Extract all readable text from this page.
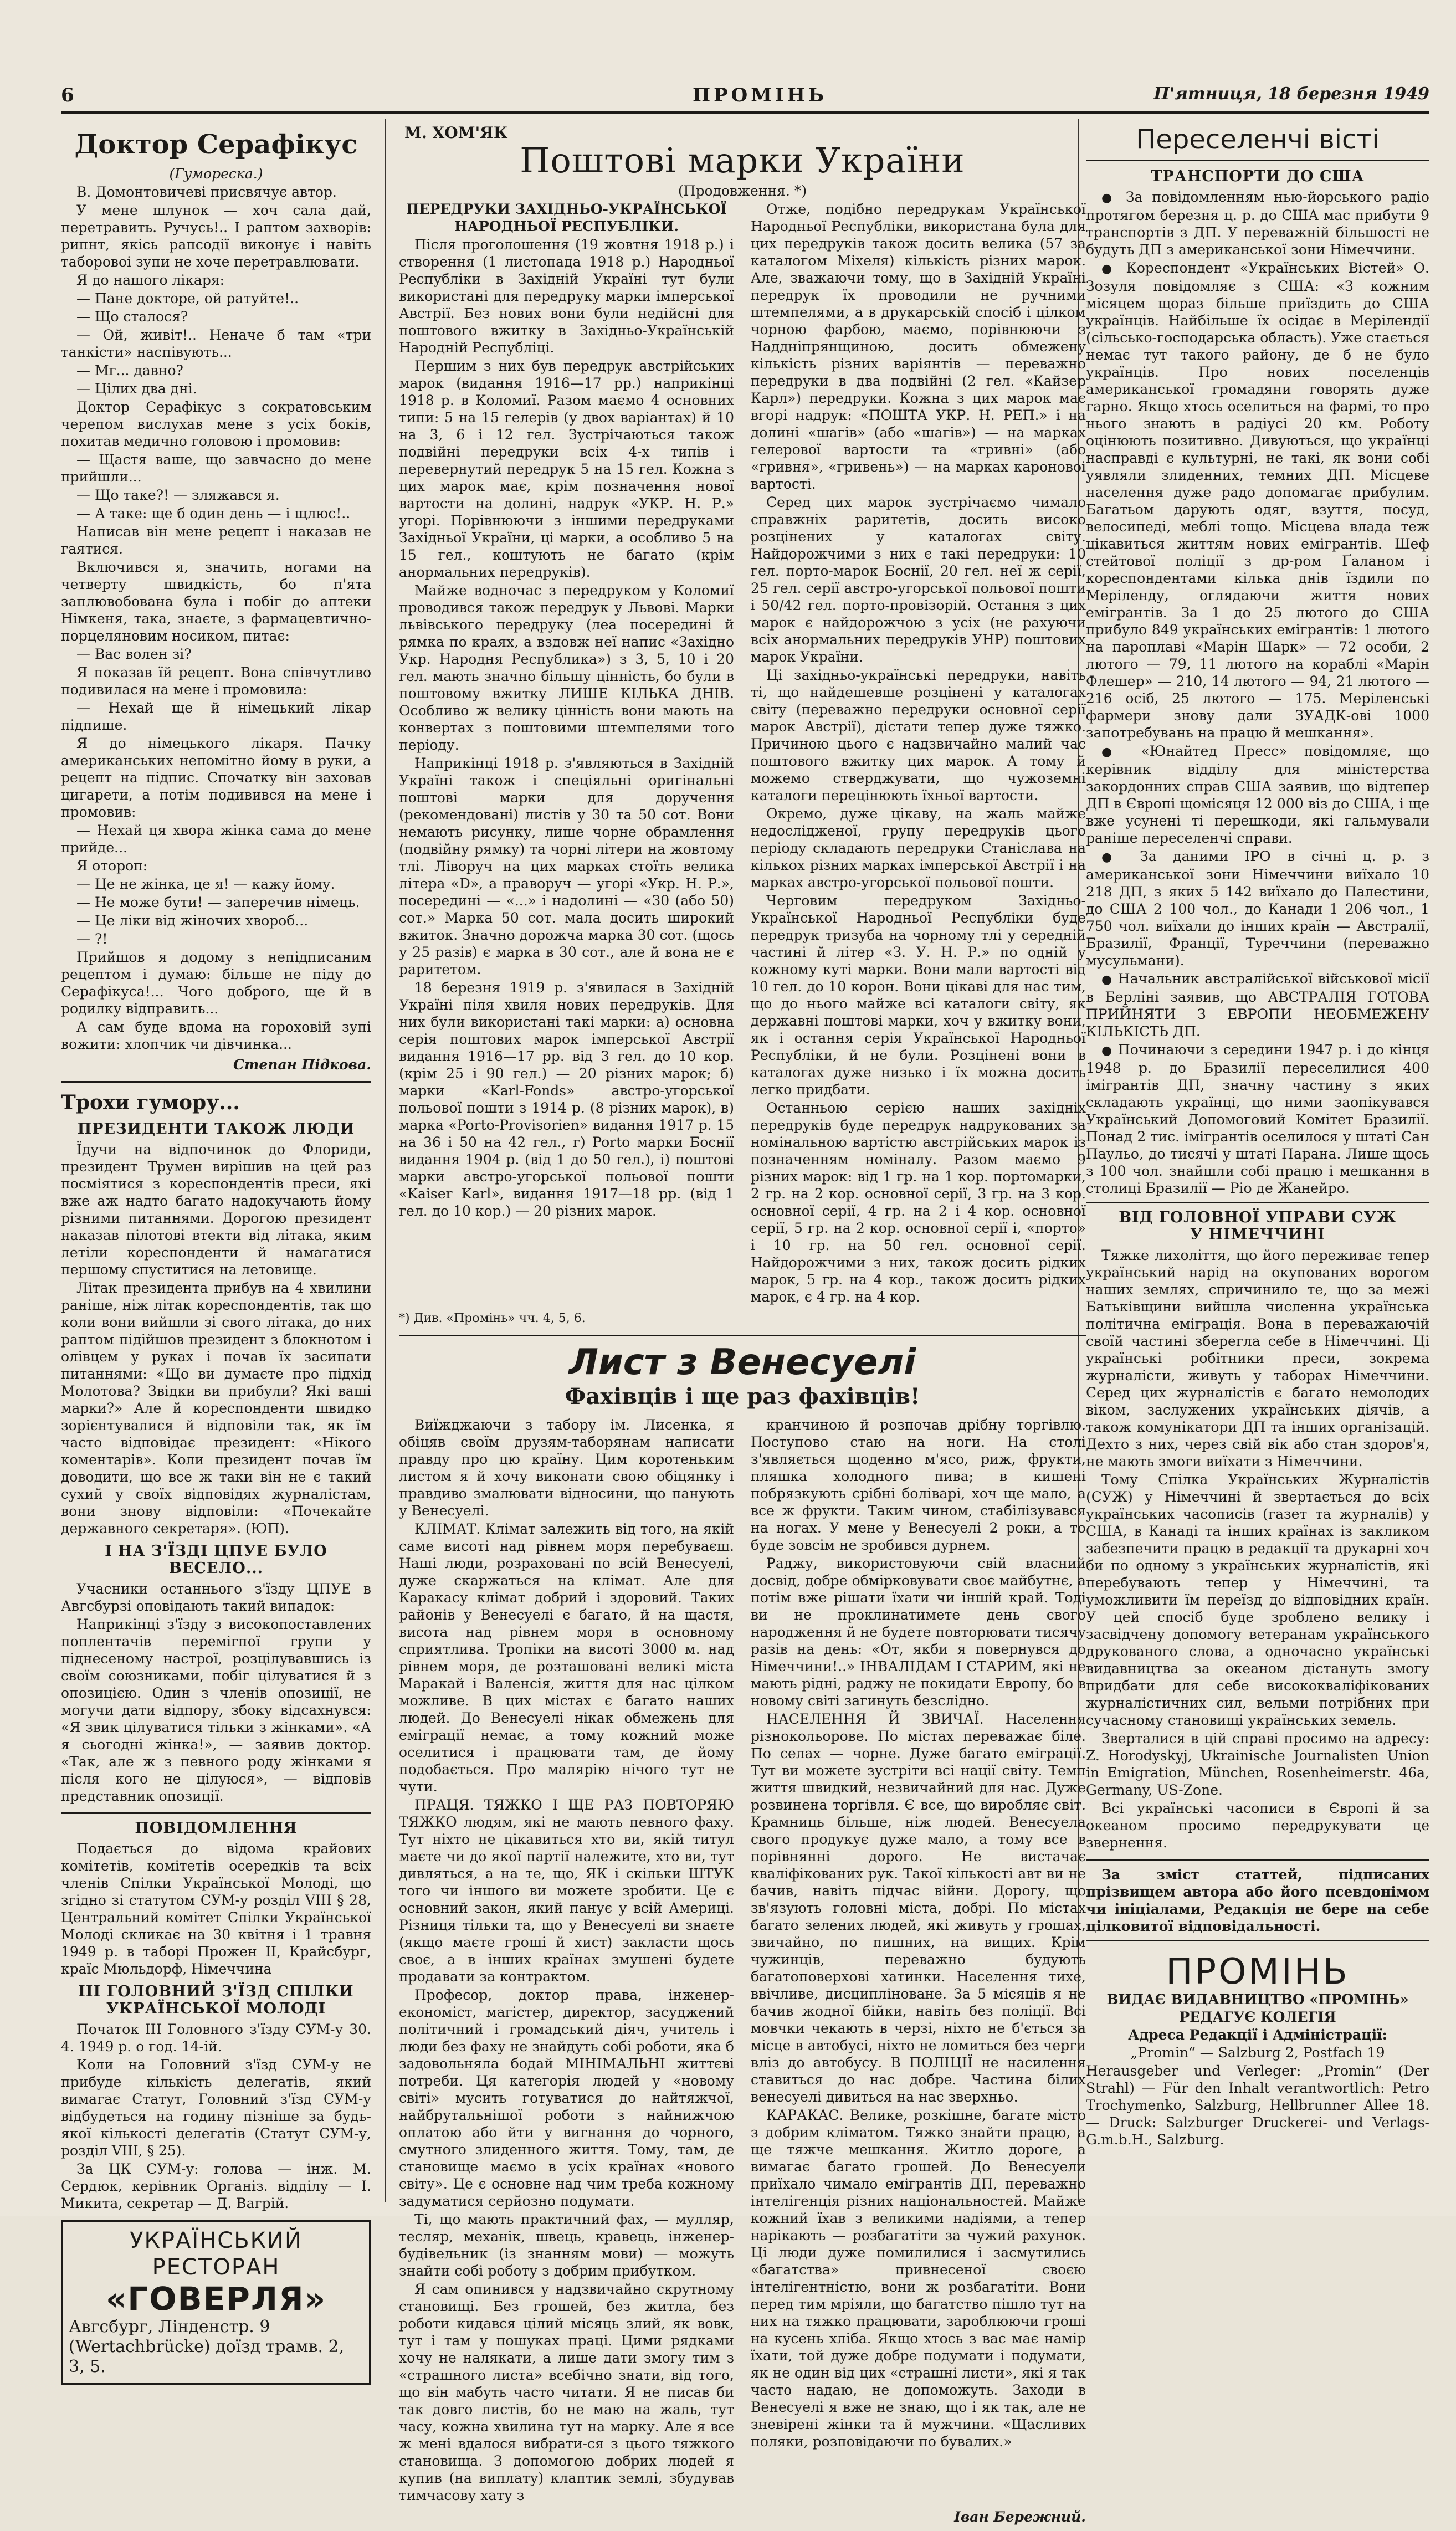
6	ПРОМІНЬ	П'ятниця, 18 березня 1949
Доктор Серафікус

(Гумореска.)

В. Домонтовичеві присвячує автор.

У мене шлунок — хоч сала дай, перетравить. Ручусь!.. І раптом захворів: рипнт, якісь рапсодії виконує і навіть таборовоі зупи не хоче перетравлювати.

Я до нашого лікаря:

— Пане докторе, ой ратуйте!..

— Що сталося?

— Ой, живіт!.. Неначе б там «три танкісти» наспівують...

— Мг... давно?

— Цілих два дні.

Доктор Серафікус з сократовським черепом вислухав мене з усіх боків, похитав медично головою і промовив:

— Щастя ваше, що завчасно до мене прийшли...

— Що таке?! — зляжався я.

— А таке: ще б один день — і щлюс!..

Написав він мене рецепт і наказав не гаятися.

Включився я, значить, ногами на четверту швидкість, бо п'ята заплювобована була і побіг до аптеки Німкеня, така, знаєте, з фармацевтично-порцеляновим носиком, питає:

— Вас волен зі?

Я показав їй рецепт. Вона співчутливо подивилася на мене і промовила:

— Нехай ще й німецький лікар підпише.

Я до німецького лікаря. Пачку американських непомітно йому в руки, а рецепт на підпис. Спочатку він заховав цигарети, а потім подивився на мене і промовив:

— Нехай ця хвора жінка сама до мене прийде...

Я отороп:

— Це не жінка, це я! — кажу йому.

— Не може бути! — заперечив німець.

— Це ліки від жіночих хвороб...

— ?!

Прийшов я додому з непідписаним рецептом і думаю: більше не піду до Серафікуса!... Чого доброго, ще й в родилку відправить...

А сам буде вдома на гороховій зупі вожити: хлопчик чи дівчинка...

Степан Підкова.
Трохи гумору...
ПРЕЗИДЕНТИ ТАКОЖ ЛЮДИ

Їдучи на відпочинок до Флориди, президент Трумен вирішив на цей раз посміятися з кореспондентів преси, які вже аж надто багато надокучають йому різними питаннями. Дорогою президент наказав пілотові втекти від літака, яким летіли кореспонденти й намагатися першому спуститися на летовище.

Літак президента прибув на 4 хвилини раніше, ніж літак кореспондентів, так що коли вони вийшли зі свого літака, до них раптом підійшов президент з блокнотом і олівцем у руках і почав їх засипати питаннями: «Що ви думаєте про підхід Молотова? Звідки ви прибули? Які ваші марки?» Але й кореспонденти швидко зорієнтувалися й відповіли так, як їм часто відповідає президент: «Нікого коментарів». Коли президент почав їм доводити, що все ж таки він не є такий сухий у своїх відповідях журналістам, вони знову відповіли: «Почекайте державного секретаря». (ЮП).

І НА З'ЇЗДІ ЦПУЕ БУЛО ВЕСЕЛО...

Учасники останнього з'їзду ЦПУЕ в Авгсбурзі оповідають такий випадок:

Наприкінці з'їзду з високопоставлених поплентачів перемігпої групи у піднесеному настрої, розцілувавшись із своїм союзниками, побіг цілуватися й з опозицією. Один з членів опозиції, не могучи дати відпору, збоку відсахнувся: «Я звик цілуватися тільки з жінками». «А я сьогодні жінка!», — заявив доктор. «Так, але ж з певного роду жінками я після кого не цілуюся», — відповів представник опозиції.

ПОВІДОМЛЕННЯ

Подається до відома крайових комітетів, комітетів осередків та всіх членів Спілки Української Молоді, що згідно зі статутом СУМ-у розділ VIII § 28, Центральний комітет Спілки Української Молоді скликає на 30 квітня і 1 травня 1949 р. в таборі Прожен II, Крайсбург, країс Мюльдорф, Німеччина

III ГОЛОВНИЙ З'ЇЗД СПІЛКИ УКРАЇНСЬКОЇ МОЛОДІ

Початок III Головного з'їзду СУМ-у 30. 4. 1949 р. о год. 14-ій.

Коли на Головний з'їзд СУМ-у не прибуде кількість делегатів, який вимагає Статут, Головний з'їзд СУМ-у відбудеться на годину пізніше за будь-якої кількості делегатів (Статут СУМ-у, розділ VIII, § 25).

За ЦК СУМ-у: голова — інж. М. Сердюк, керівник Організ. відділу — І. Микита, секретар — Д. Вагрій.

УКРАЇНСЬКИЙ РЕСТОРАН
«ГОВЕРЛЯ»
Авгсбург, Лінденстр. 9 (Wertachbrücke) доїзд трамв. 2, 3, 5.
М. ХОМ'ЯК
Поштові марки України

(Продовження. *)

ПЕРЕДРУКИ ЗАХІДНЬО-УКРАЇНСЬКОЇ НАРОДНЬОЇ РЕСПУБЛІКИ.

Після проголошення (19 жовтня 1918 р.) і створення (1 листопада 1918 р.) Народньої Республіки в Західній Україні тут були використані для передруку марки імперської Австрії. Без нових вони були недійсні для поштового вжитку в Західньо-Українській Народній Республіці.

Першим з них був передрук австрійських марок (видання 1916—17 рр.) наприкінці 1918 р. в Коломиї. Разом маємо 4 основних типи: 5 на 15 гелерів (у двох варіантах) й 10 на 3, 6 і 12 гел. Зустрічаються також подвійні передруки всіх 4-х типів і перевернутий передрук 5 на 15 гел. Кожна з цих марок має, крім позначення нової вартости на долині, надрук «УКР. Н. Р.» угорі. Порівнюючи з іншими передруками Західньої України, ці марки, а особливо 5 на 15 гел., коштують не багато (крім анормальних передруків).

Майже водночас з передруком у Коломиї проводився також передрук у Львові. Марки львівського передруку (леа посередині й рямка по краях, а вздовж неї напис «Західно Укр. Народня Республика») з 3, 5, 10 і 20 гел. мають значно більшу цінність, бо були в поштовому вжитку ЛИШЕ КІЛЬКА ДНІВ. Особливо ж велику цінність вони мають на конвертах з поштовими штемпелями того періоду.

Наприкінці 1918 р. з'являються в Західній Україні також і спеціяльні оригінальні поштові марки для доручення (рекомендовані) листів у 30 та 50 сот. Вони немають рисунку, лише чорне обрамлення (подвійну рямку) та чорні літери на жовтому тлі. Ліворуч на цих марках стоїть велика літера «D», а праворуч — угорі «Укр. Н. Р.», посередині — «...» і надолині — «30 (або 50) сот.» Марка 50 сот. мала досить широкий вжиток. Значно дорожча марка 30 сот. (щось у 25 разів) є марка в 30 сот., але й вона не є раритетом.

18 березня 1919 р. з'явилася в Західній Україні піля хвиля нових передруків. Для них були використані такі марки: а) основна серія поштових марок імперської Австрії видання 1916—17 рр. від 3 гел. до 10 кор. (крім 25 і 90 гел.) — 20 різних марок; б) марки «Karl-Fonds» австро-угорської польової пошти з 1914 р. (8 різних марок), в) марка «Porto-Provisorien» видання 1917 р. 15 на 36 і 50 на 42 гел., г) Porto марки Боснії видання 1904 р. (від 1 до 50 гел.), і) поштові марки австро-угорської польової пошти «Kaiser Karl», видання 1917—18 рр. (від 1 гел. до 10 кор.) — 20 різних марок.

Отже, подібно передрукам Української Народньої Республіки, використана була для цих передруків також досить велика (57 за каталогом Міхеля) кількість різних марок. Але, зважаючи тому, що в Західній Україні передрук їх проводили не ручними штемпелями, а в друкарській спосіб і цілком чорною фарбою, маємо, порівнюючи з Наддніпрянщиною, досить обмежену кількість різних варіянтів — переважно передруки в два подвійні (2 гел. «Кайзер Карл») передруки. Кожна з цих марок має вгорі надрук: «ПОШТА УКР. Н. РЕП.» і на долині «шагів» (або «шагів») — на марках гелерової вартости та «гривні» (або «гривня», «гривень») — на марках кароновоі вартості.

Серед цих марок зустрічаємо чимало справжніх раритетів, досить високо розцінених у каталогах світу. Найдорожчими з них є такі передруки: 10 гел. порто-марок Боснії, 20 гел. неї ж серії, 25 гел. серії австро-угорської польової пошти і 50/42 гел. порто-провізорій. Остання з цих марок є найдорожчою з усіх (не рахуючи всіх анормальних передруків УНР) поштових марок України.

Ці західньо-українські передруки, навіть ті, що найдешевше розцінені у каталогах світу (переважно передруки основної серії марок Австрії), дістати тепер дуже тяжко. Причиною цього є надзвичайно малий час поштового вжитку цих марок. А тому й можемо стверджувати, що чужоземні каталоги перецінюють їхньої вартости.

Окремо, дуже цікаву, на жаль майже недослідженої, групу передруків цього періоду складають передруки Станіслава на кількох різних марках імперської Австрії і на марках австро-угорської польової пошти.

Черговим передруком Західньо-Української Народньої Республіки буде передрук тризуба на чорному тлі у середній частині й літер «З. У. Н. Р.» по одній у кожному куті марки. Вони мали вартості від 10 гел. до 10 корон. Вони цікаві для нас тим, що до нього майже всі каталоги світу, як державні поштові марки, хоч у вжитку вони, як і остання серія Української Народньої Республіки, й не були. Розцінені вони в каталогах дуже низько і їх можна досить легко придбати.

Останньою серією наших західніх передруків буде передрук надрукованих за номінальною вартістю австрійських марок із позначенням номіналу. Разом маємо 9 різних марок: від 1 гр. на 1 кор. портомарки, 2 гр. на 2 кор. основної серії, 3 гр. на 3 кор. основної серії, 4 гр. на 2 і 4 кор. основної серії, 5 гр. на 2 кор. основної серії і, «порто» і 10 гр. на 50 гел. основної серії. Найдорожчими з них, також досить рідких марок, 5 гр. на 4 кор., також досить рідких марок, є 4 гр. на 4 кор.

*) Див. «Промінь» чч. 4, 5, 6.
Лист з Венесуелі
Фахівців і ще раз фахівців!

Виїжджаючи з табору ім. Лисенка, я обіцяв своїм друзям-таборянам написати правду про цю країну. Цим коротеньким листом я й хочу виконати свою обіцянку і правдиво змалювати відносини, що панують у Венесуелі.

КЛІМАТ. Клімат залежить від того, на якій саме висоті над рівнем моря перебуваєш. Наші люди, розраховані по всій Венесуелі, дуже скаржаться на клімат. Але для Каракасу клімат добрий і здоровий. Таких районів у Венесуелі є багато, й на щастя, висота над рівнем моря в основному сприятлива. Тропіки на висоті 3000 м. над рівнем моря, де розташовані великі міста Маракай і Валенсія, життя для нас цілком можливе. В цих містах є багато наших людей. До Венесуелі нікак обмежень для еміграції немає, а тому кожний може оселитися і працювати там, де йому подобається. Про малярію нічого тут не чути.

ПРАЦЯ. ТЯЖКО І ЩЕ РАЗ ПОВТОРЯЮ ТЯЖКО людям, які не мають певного фаху. Тут ніхто не цікавиться хто ви, якій титул маєте чи до якої партії належите, хто ви, тут дивляться, а на те, що, ЯК і скільки ШТУК того чи іншого ви можете зробити. Це є основний закон, який панує у всій Америці. Різниця тільки та, що у Венесуелі ви знаєте (якщо маєте гроші й хист) закласти щось своє, а в інших країнах змушені будете продавати за контрактом.

Професор, доктор права, інженер-економіст, магістер, директор, засуджений політичний і громадський діяч, учитель і люди без фаху не знайдуть собі роботи, яка б задовольняла бодай МІНІМАЛЬНІ життєві потреби. Ця категорія людей у «новому світі» мусить готуватися до найтяжчої, найбрутальнішої роботи з найнижчою оплатою або йти у вигнання до чорного, смутного злиденного життя. Тому, там, де становище маємо в усіх країнах «нового світу». Це є основне над чим треба кожному задуматися серйозно подумати.

Ті, що мають практичний фах, — мулляр, тесляр, механік, швець, кравець, інженер-будівельник (із знанням мови) — можуть знайти собі роботу з добрим прибутком.

Я сам опинився у надзвичайно скрутному становищі. Без грошей, без житла, без роботи кидався цілий місяць злий, як вовк, тут і там у пошуках праці. Цими рядками хочу не налякати, а лише дати змогу тим з «страшного листа» всебічно знати, від того, що він мабуть часто читати. Я не писав би так довго листів, бо не маю на жаль, тут часу, кожна хвилина тут на марку. Але я все ж мені вдалося вибрати-ся з цього тяжкого становища. З допомогою добрих людей я купив (на виплату) клаптик землі, збудував тимчасову хату з

кранчиною й розпочав дрібну торгівлю. Поступово стаю на ноги. На столі з'являється щоденно м'ясо, риж, фрукти, пляшка холодного пива; в кишені побрязкують срібні боліварі, хоч ще мало, а все ж фрукти. Таким чином, стабілізувався на ногах. У мене у Венесуелі 2 роки, а то буде зовсім не зробився дурнем.

Раджу, використовуючи свій власний досвід, добре обмірковувати своє майбутнє, а потім вже рішати їхати чи іншій край. Тоді ви не проклинатимете день свого народження й не будете повторювати тисячу разів на день: «От, якби я повернувся до Німеччини!..» ІНВАЛІДАМ І СТАРИМ, які не мають рідні, раджу не покидати Европу, бо в новому світі загинуть безслідно.

НАСЕЛЕННЯ Й ЗВИЧАЇ. Населення різнокольорове. По містах переважає біле. По селах — чорне. Дуже багато еміграції. Тут ви можете зустріти всі нації світу. Темп життя швидкий, незвичайний для нас. Дуже розвинена торгівля. Є все, що виробляє світ. Крамниць більше, ніж людей. Венесуела свого продукує дуже мало, а тому все в порівнянні дорого. Не вистачає кваліфікованих рук. Такої кількості авт ви не бачив, навіть підчас війни. Дорогу, що зв'язують головні міста, добрі. По містах багато зелених людей, які живуть у грошах, звичайно, по пишних, на вищих. Крім чужинців, переважно будують багатоповерхові хатинки. Населення тихе, ввічливе, дисципліноване. За 5 місяців я не бачив жодної бійки, навіть без поліції. Всі мовчки чекають в черзі, ніхто не б'ється за місце в автобусі, ніхто не ломиться без черги вліз до автобусу. В ПОЛІЦІЇ не насилення ставиться до нас добре. Частина білих венесуелі дивиться на нас зверхньо.

КАРАКАС. Велике, розкішне, багате місто з добрим кліматом. Тяжко знайти працю, а ще тяжче мешкання. Житло дороге, а вимагає багато грошей. До Венесуели приїхало чимало емігрантів ДП, переважно інтелігенція різних національностей. Майже кожний їхав з великими надіями, а тепер нарікають — розбагатіти за чужий рахунок. Ці люди дуже помилилися і засмутились «багатства» привнесеної своєю інтелігентністю, вони ж розбагатіти. Вони перед тим мріяли, що багатство пішло тут на них на тяжко працювати, зароблюючи гроші на кусень хліба. Якщо хтось з вас має намір їхати, той дуже добре подумати і подумати, як не один від цих «страшні листи», які я так часто надаю, не допоможуть. Заходи в Венесуелі я вже не знаю, що і як так, але не зневірені жінки та й мужчини. «Щасливих поляки, розповідаючи по бувалих.»

Іван Бережний.
Переселенчі вісті
ТРАНСПОРТИ ДО США

● За повідомленням нью-йорського радіо протягом березня ц. р. до США мас прибути 9 транспортів з ДП. У переважній більшості не будуть ДП з американської зони Німеччини.

● Кореспондент «Українських Вістей» О. Зозуля повідомляє з США: «З кожним місяцем щораз більше приїздить до США українців. Найбільше їх осідає в Мерілендії (сільсько-господарська область). Уже стається немає тут такого району, де б не було українців. Про нових поселенців американської громадяни говорять дуже гарно. Якщо хтось оселиться на фармі, то про нього знають в радіусі 20 км. Роботу оцінюють позитивно. Дивуються, що українці насправді є культурні, не такі, як вони собі уявляли злиденних, темних ДП. Місцеве населення дуже радо допомагає прибулим. Багатьом дарують одяг, взуття, посуд, велосипеді, меблі тощо. Місцева влада теж цікавиться життям нових емігрантів. Шеф стейтової поліції з др-ром Ґаланом і кореспондентами кілька днів їздили по Меріленду, оглядаючи життя нових емігрантів. За 1 до 25 лютого до США прибуло 849 українських емігрантів: 1 лютого на пароплаві «Марін Шарк» — 72 особи, 2 лютого — 79, 11 лютого на кораблі «Марін Флешер» — 210, 14 лютого — 94, 21 лютого — 216 осіб, 25 лютого — 175. Меріленські фармери знову дали ЗУАДК-ові 1000 запотребувань на працю й мешкання».

● «Юнайтед Пресс» повідомляє, що керівник відділу для міністерства закордонних справ США заявив, що відтепер ДП в Європі щомісяця 12 000 віз до США, і ще вже усунені ті перешкоди, які гальмували раніше переселенчі справи.

● За даними ІРО в січні ц. р. з американської зони Німеччини виїхало 10 218 ДП, з яких 5 142 виїхало до Палестини, до США 2 100 чол., до Канади 1 206 чол., 1 750 чол. виїхали до інших країн — Австралії, Бразилії, Франції, Туреччини (переважно мусульмани).

● Начальник австралійської військової місії в Берліні заявив, що АВСТРАЛІЯ ГОТОВА ПРИЙНЯТИ З ЕВРОПИ НЕОБМЕЖЕНУ КІЛЬКІСТЬ ДП.

● Починаючи з середини 1947 р. і до кінця 1948 р. до Бразилії переселилися 400 імігрантів ДП, значну частину з яких складають українці, що ними заопікувався Український Допомоговий Комітет Бразилії. Понад 2 тис. імігрантів оселилося у штаті Сан Паульо, до тисячі у штаті Парана. Лише щось з 100 чол. знайшли собі працю і мешкання в столиці Бразилії — Ріо де Жанейро.

ВІД ГОЛОВНОЇ УПРАВИ СУЖ
У НІМЕЧЧИНІ

Тяжке лихоліття, що його переживає тепер український нарід на окупованих ворогом наших землях, спричинило те, що за межі Батьківщини вийшла численна українська політична еміграція. Вона в переважаючій своїй частині зберегла себе в Німеччині. Ці українські робітники преси, зокрема журналісти, живуть у таборах Німеччини. Серед цих журналістів є багато немолодих віком, заслужених українських діячів, а також комунікатори ДП та інших організацій. Дехто з них, через свій вік або стан здоров'я, не мають змоги виїхати з Німеччини.

Тому Спілка Українських Журналістів (СУЖ) у Німеччині й звертається до всіх українських часописів (газет та журналів) у США, в Канаді та інших країнах із закликом забезпечити працю в редакції та друкарні хоч би по одному з українських журналістів, які перебувають тепер у Німеччині, та уможливити їм переїзд до відповідних країн. У цей спосіб буде зроблено велику і засвідчену допомогу ветеранам українського друкованого слова, а одночасно українські видавництва за океаном дістануть змогу придбати для себе висококваліфікованих журналістичних сил, вельми потрібних при сучасному становищі українських земель.

Зверталися в цій справі просимо на адресу: Z. Horodyskyj, Ukrainische Journalisten Union in Emigration, München, Rosenheimerstr. 46a, Germany, US-Zone.

Всі українські часописи в Європі й за океаном просимо передрукувати це звернення.

За зміст статтей, підписаних прізвищем автора або його псевдонімом чи ініціалами, Редакція не бере на себе цілковитої відповідальності.

ПРОМІНЬ

ВИДАЄ ВИДАВНИЦТВО «ПРОМІНЬ»

РЕДАГУЄ КОЛЕГІЯ

Адреса Редакції і Адміністрації:

„Promin“ — Salzburg 2, Postfach 19

Herausgeber und Verleger: „Promin“ (Der Strahl) — Für den Inhalt verantwortlich: Petro Trochymenko, Salzburg, Hellbrunner Allee 18. — Druck: Salzburger Druckerei- und Verlags-G.m.b.H., Salzburg.
